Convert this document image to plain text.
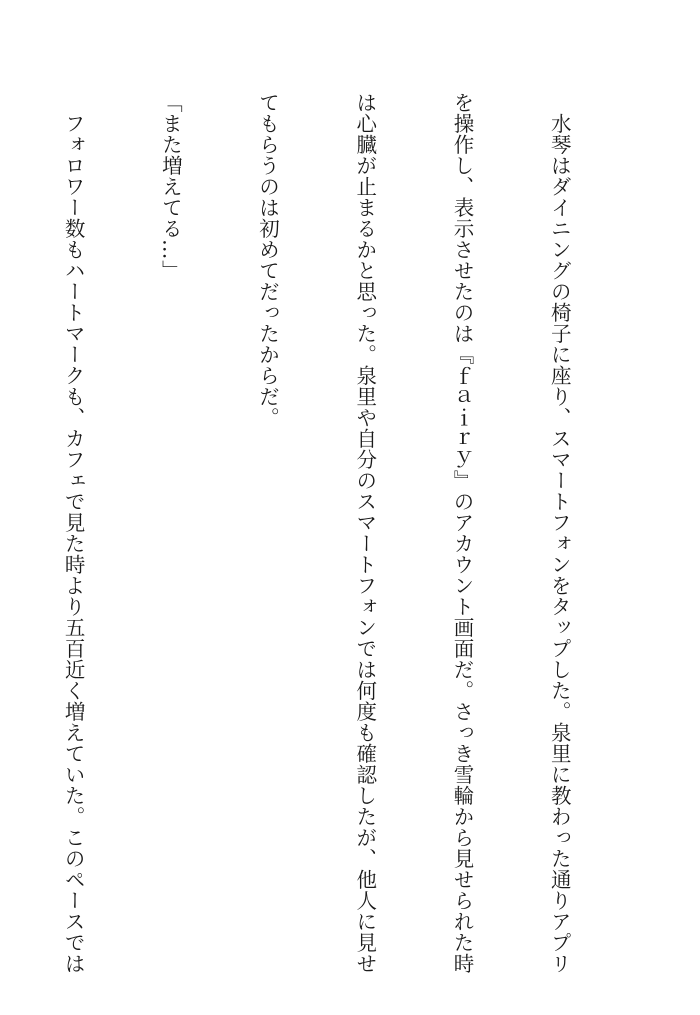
　水琴はダイニングの椅子に座り、スマートフォンをタップした。泉里に教わった通りアプリ

を操作し、表示させたのは『ｆａｉｒｙ』のアカウント画面だ。さっき雪輪から見せられた時

は心臓が止まるかと思った。泉里や自分のスマートフォンでは何度も確認したが、他人に見せ

てもらうのは初めてだったからだ。

「また増えてる…」

　フォロワー数もハートマークも、カフェで見た時より五百近く増えていた。このペースでは
